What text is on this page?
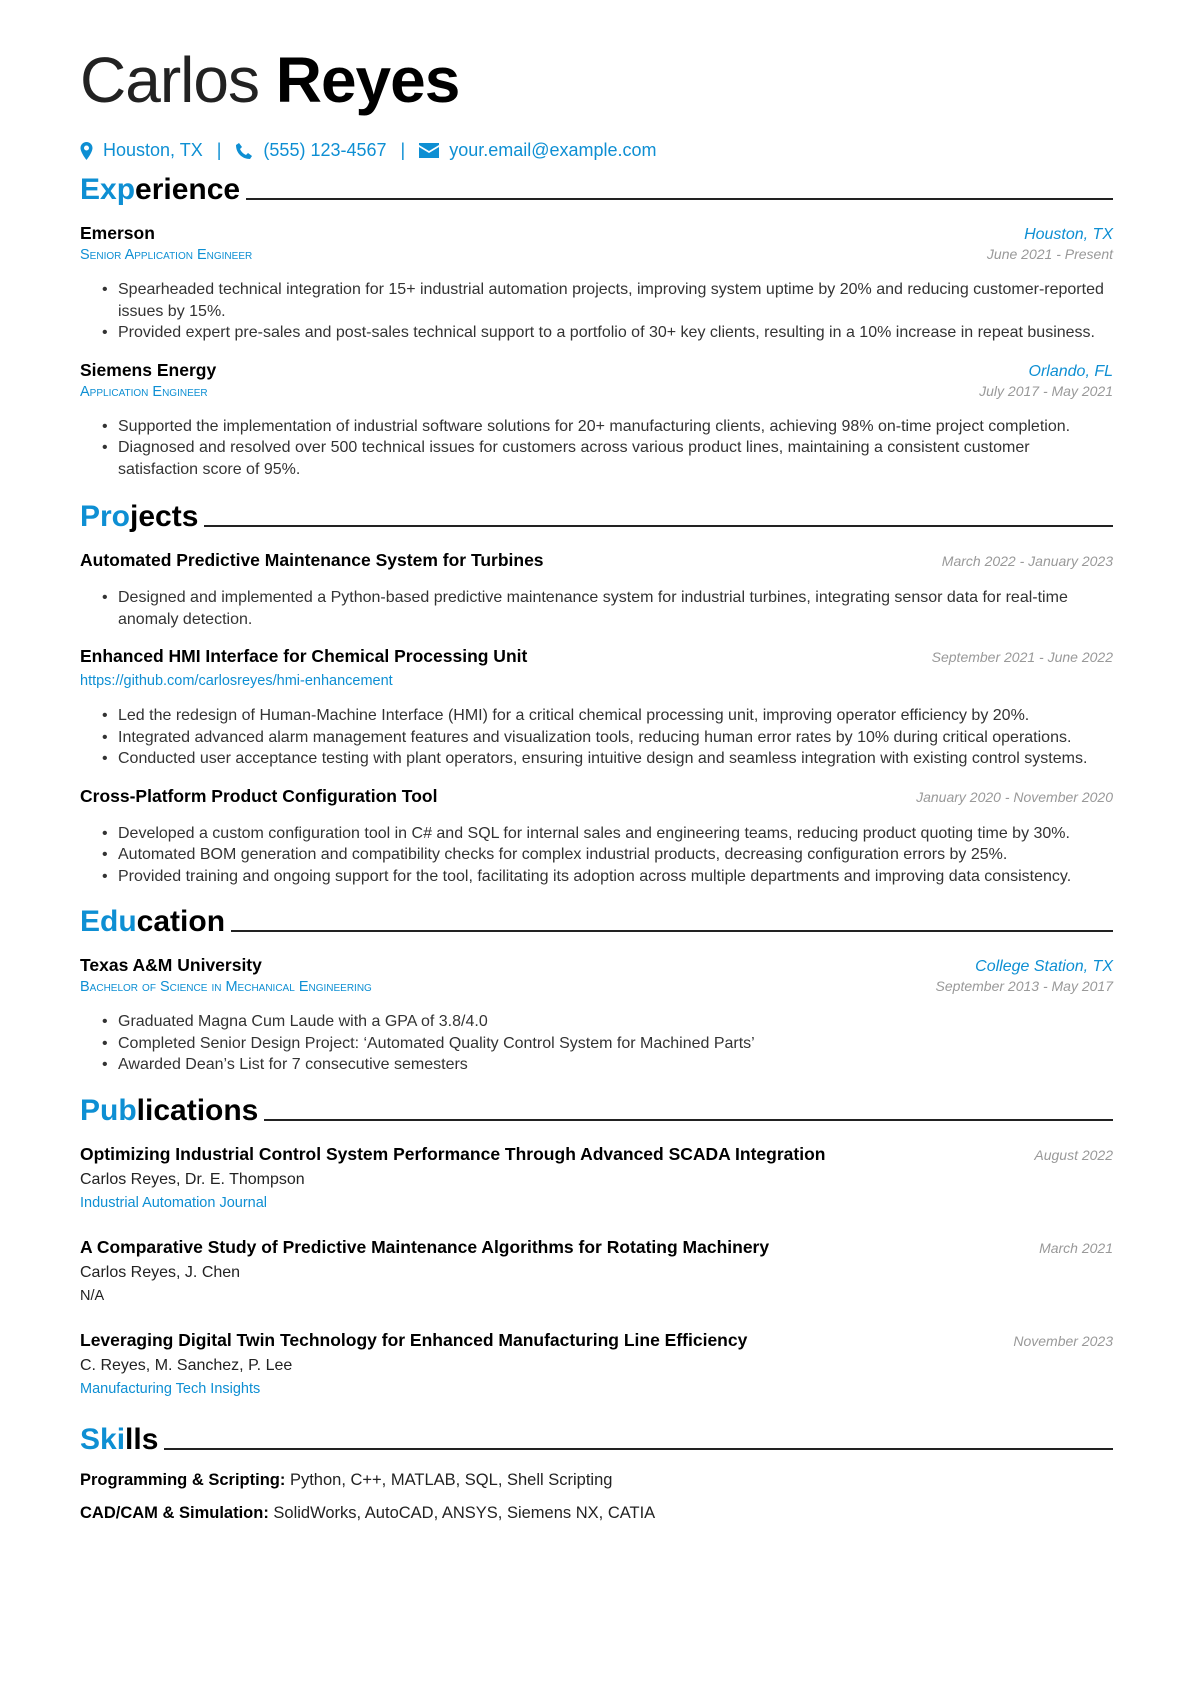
Carlos Reyes
Houston, TX | (555) 123-4567 | your.email@example.com
Experience
Emerson	Houston, TX
Senior Application Engineer	June 2021 - Present
• Spearheaded technical integration for 15+ industrial automation projects, improving system uptime by 20% and reducing customer-reported issues by 15%.
• Provided expert pre-sales and post-sales technical support to a portfolio of 30+ key clients, resulting in a 10% increase in repeat business.
Siemens Energy	Orlando, FL
Application Engineer	July 2017 - May 2021
• Supported the implementation of industrial software solutions for 20+ manufacturing clients, achieving 98% on-time project completion.
• Diagnosed and resolved over 500 technical issues for customers across various product lines, maintaining a consistent customer satisfaction score of 95%.
Projects
Automated Predictive Maintenance System for Turbines	March 2022 - January 2023
• Designed and implemented a Python-based predictive maintenance system for industrial turbines, integrating sensor data for real-time anomaly detection.
Enhanced HMI Interface for Chemical Processing Unit	September 2021 - June 2022
https://github.com/carlosreyes/hmi-enhancement
• Led the redesign of Human-Machine Interface (HMI) for a critical chemical processing unit, improving operator efficiency by 20%.
• Integrated advanced alarm management features and visualization tools, reducing human error rates by 10% during critical operations.
• Conducted user acceptance testing with plant operators, ensuring intuitive design and seamless integration with existing control systems.
Cross-Platform Product Configuration Tool	January 2020 - November 2020
• Developed a custom configuration tool in C# and SQL for internal sales and engineering teams, reducing product quoting time by 30%.
• Automated BOM generation and compatibility checks for complex industrial products, decreasing configuration errors by 25%.
• Provided training and ongoing support for the tool, facilitating its adoption across multiple departments and improving data consistency.
Education
Texas A&M University	College Station, TX
Bachelor of Science in Mechanical Engineering	September 2013 - May 2017
• Graduated Magna Cum Laude with a GPA of 3.8/4.0
• Completed Senior Design Project: ‘Automated Quality Control System for Machined Parts’
• Awarded Dean’s List for 7 consecutive semesters
Publications
Optimizing Industrial Control System Performance Through Advanced SCADA Integration	August 2022
Carlos Reyes, Dr. E. Thompson
Industrial Automation Journal
A Comparative Study of Predictive Maintenance Algorithms for Rotating Machinery	March 2021
Carlos Reyes, J. Chen
N/A
Leveraging Digital Twin Technology for Enhanced Manufacturing Line Efficiency	November 2023
C. Reyes, M. Sanchez, P. Lee
Manufacturing Tech Insights
Skills
Programming & Scripting: Python, C++, MATLAB, SQL, Shell Scripting
CAD/CAM & Simulation: SolidWorks, AutoCAD, ANSYS, Siemens NX, CATIA
